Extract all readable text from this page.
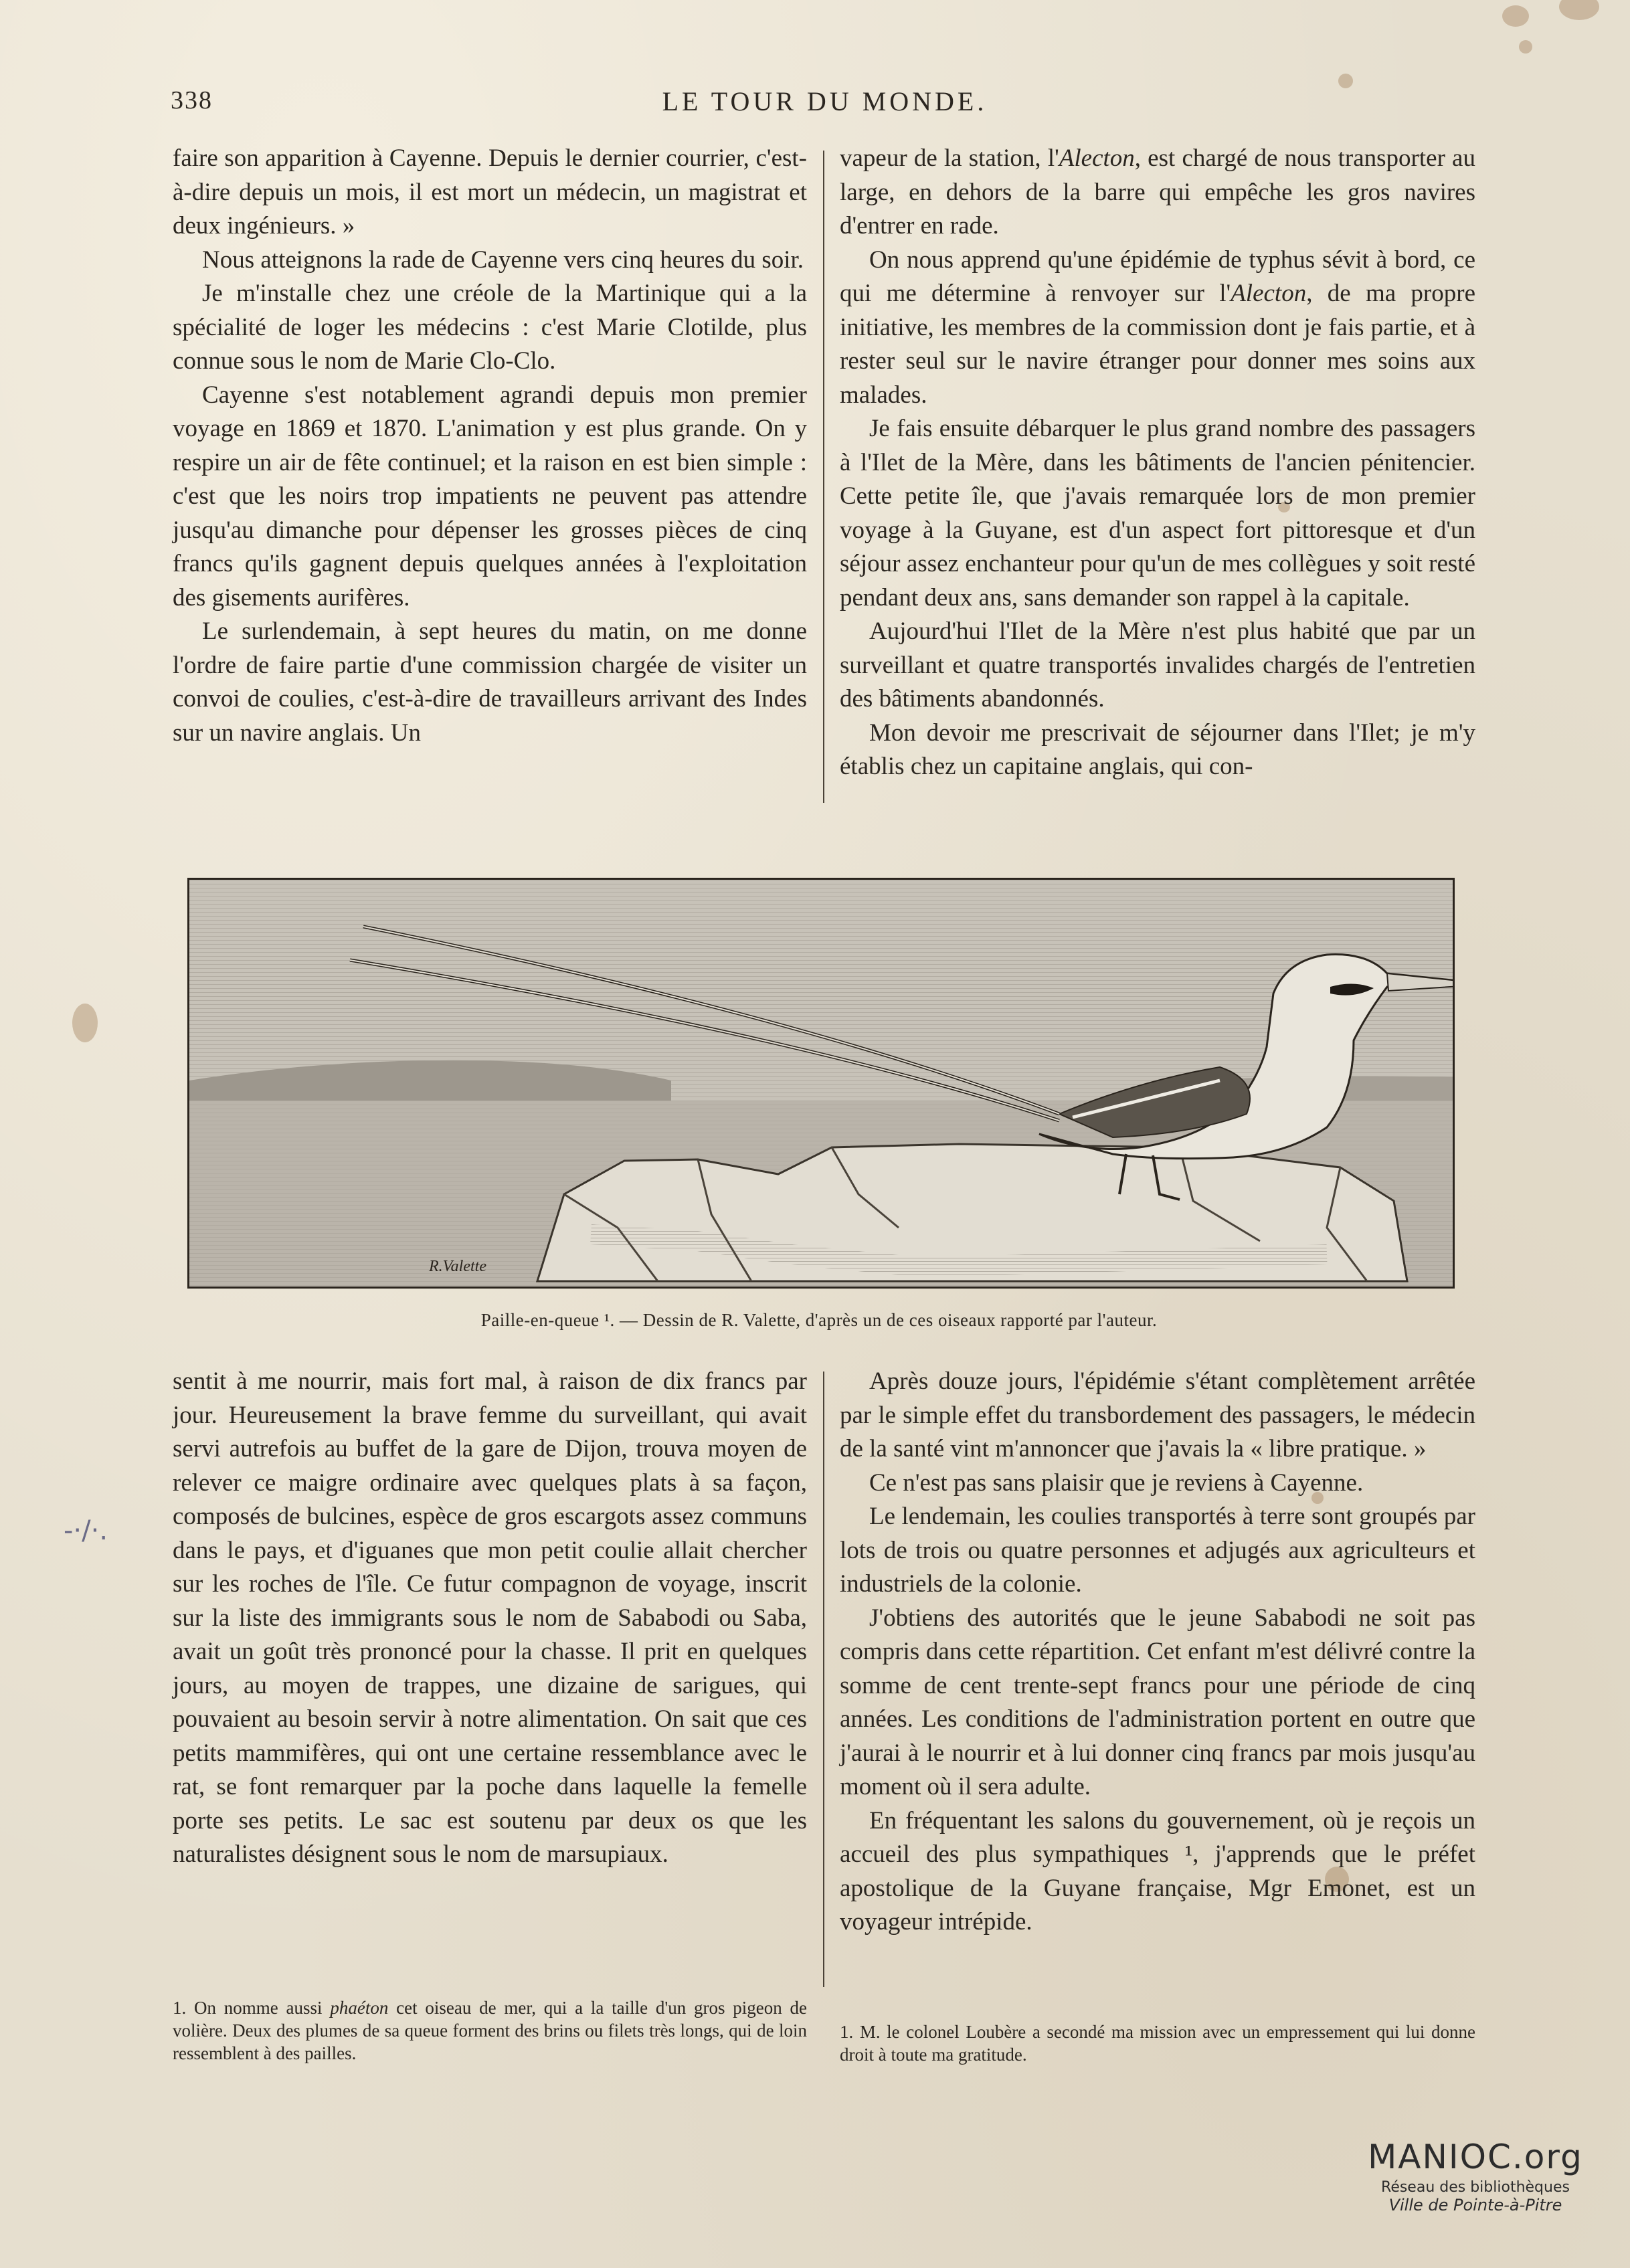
338	LE TOUR DU MONDE.

faire son apparition à Cayenne. Depuis le dernier courrier, c'est-à-dire depuis un mois, il est mort un médecin, un magistrat et deux ingénieurs. »

Nous atteignons la rade de Cayenne vers cinq heures du soir.

Je m'installe chez une créole de la Martinique qui a la spécialité de loger les médecins : c'est Marie Clotilde, plus connue sous le nom de Marie Clo-Clo.

Cayenne s'est notablement agrandi depuis mon premier voyage en 1869 et 1870. L'animation y est plus grande. On y respire un air de fête continuel; et la raison en est bien simple : c'est que les noirs trop impatients ne peuvent pas attendre jusqu'au dimanche pour dépenser les grosses pièces de cinq francs qu'ils gagnent depuis quelques années à l'exploitation des gisements aurifères.

Le surlendemain, à sept heures du matin, on me donne l'ordre de faire partie d'une commission chargée de visiter un convoi de coulies, c'est-à-dire de travailleurs arrivant des Indes sur un navire anglais. Un

vapeur de la station, l'Alecton, est chargé de nous transporter au large, en dehors de la barre qui empêche les gros navires d'entrer en rade.

On nous apprend qu'une épidémie de typhus sévit à bord, ce qui me détermine à renvoyer sur l'Alecton, de ma propre initiative, les membres de la commission dont je fais partie, et à rester seul sur le navire étranger pour donner mes soins aux malades.

Je fais ensuite débarquer le plus grand nombre des passagers à l'Ilet de la Mère, dans les bâtiments de l'ancien pénitencier. Cette petite île, que j'avais remarquée lors de mon premier voyage à la Guyane, est d'un aspect fort pittoresque et d'un séjour assez enchanteur pour qu'un de mes collègues y soit resté pendant deux ans, sans demander son rappel à la capitale.

Aujourd'hui l'Ilet de la Mère n'est plus habité que par un surveillant et quatre transportés invalides chargés de l'entretien des bâtiments abandonnés.

Mon devoir me prescrivait de séjourner dans l'Ilet; je m'y établis chez un capitaine anglais, qui con-

R.Valette
Paille-en-queue ¹. — Dessin de R. Valette, d'après un de ces oiseaux rapporté par l'auteur.

sentit à me nourrir, mais fort mal, à raison de dix francs par jour. Heureusement la brave femme du surveillant, qui avait servi autrefois au buffet de la gare de Dijon, trouva moyen de relever ce maigre ordinaire avec quelques plats à sa façon, composés de bulcines, espèce de gros escargots assez communs dans le pays, et d'iguanes que mon petit coulie allait chercher sur les roches de l'île. Ce futur compagnon de voyage, inscrit sur la liste des immigrants sous le nom de Sababodi ou Saba, avait un goût très prononcé pour la chasse. Il prit en quelques jours, au moyen de trappes, une dizaine de sarigues, qui pouvaient au besoin servir à notre alimentation. On sait que ces petits mammifères, qui ont une certaine ressemblance avec le rat, se font remarquer par la poche dans laquelle la femelle porte ses petits. Le sac est soutenu par deux os que les naturalistes désignent sous le nom de marsupiaux.

Après douze jours, l'épidémie s'étant complètement arrêtée par le simple effet du transbordement des passagers, le médecin de la santé vint m'annoncer que j'avais la « libre pratique. »

Ce n'est pas sans plaisir que je reviens à Cayenne.

Le lendemain, les coulies transportés à terre sont groupés par lots de trois ou quatre personnes et adjugés aux agriculteurs et industriels de la colonie.

J'obtiens des autorités que le jeune Sababodi ne soit pas compris dans cette répartition. Cet enfant m'est délivré contre la somme de cent trente-sept francs pour une période de cinq années. Les conditions de l'administration portent en outre que j'aurai à le nourrir et à lui donner cinq francs par mois jusqu'au moment où il sera adulte.

En fréquentant les salons du gouvernement, où je reçois un accueil des plus sympathiques ¹, j'apprends que le préfet apostolique de la Guyane française, Mgr Emonet, est un voyageur intrépide.

1. On nomme aussi phaéton cet oiseau de mer, qui a la taille d'un gros pigeon de volière. Deux des plumes de sa queue forment des brins ou filets très longs, qui de loin ressemblent à des pailles.
1. M. le colonel Loubère a secondé ma mission avec un empressement qui lui donne droit à toute ma gratitude.
-·/·.
MANIOC.org
Réseau des bibliothèques
Ville de Pointe-à-Pitre
